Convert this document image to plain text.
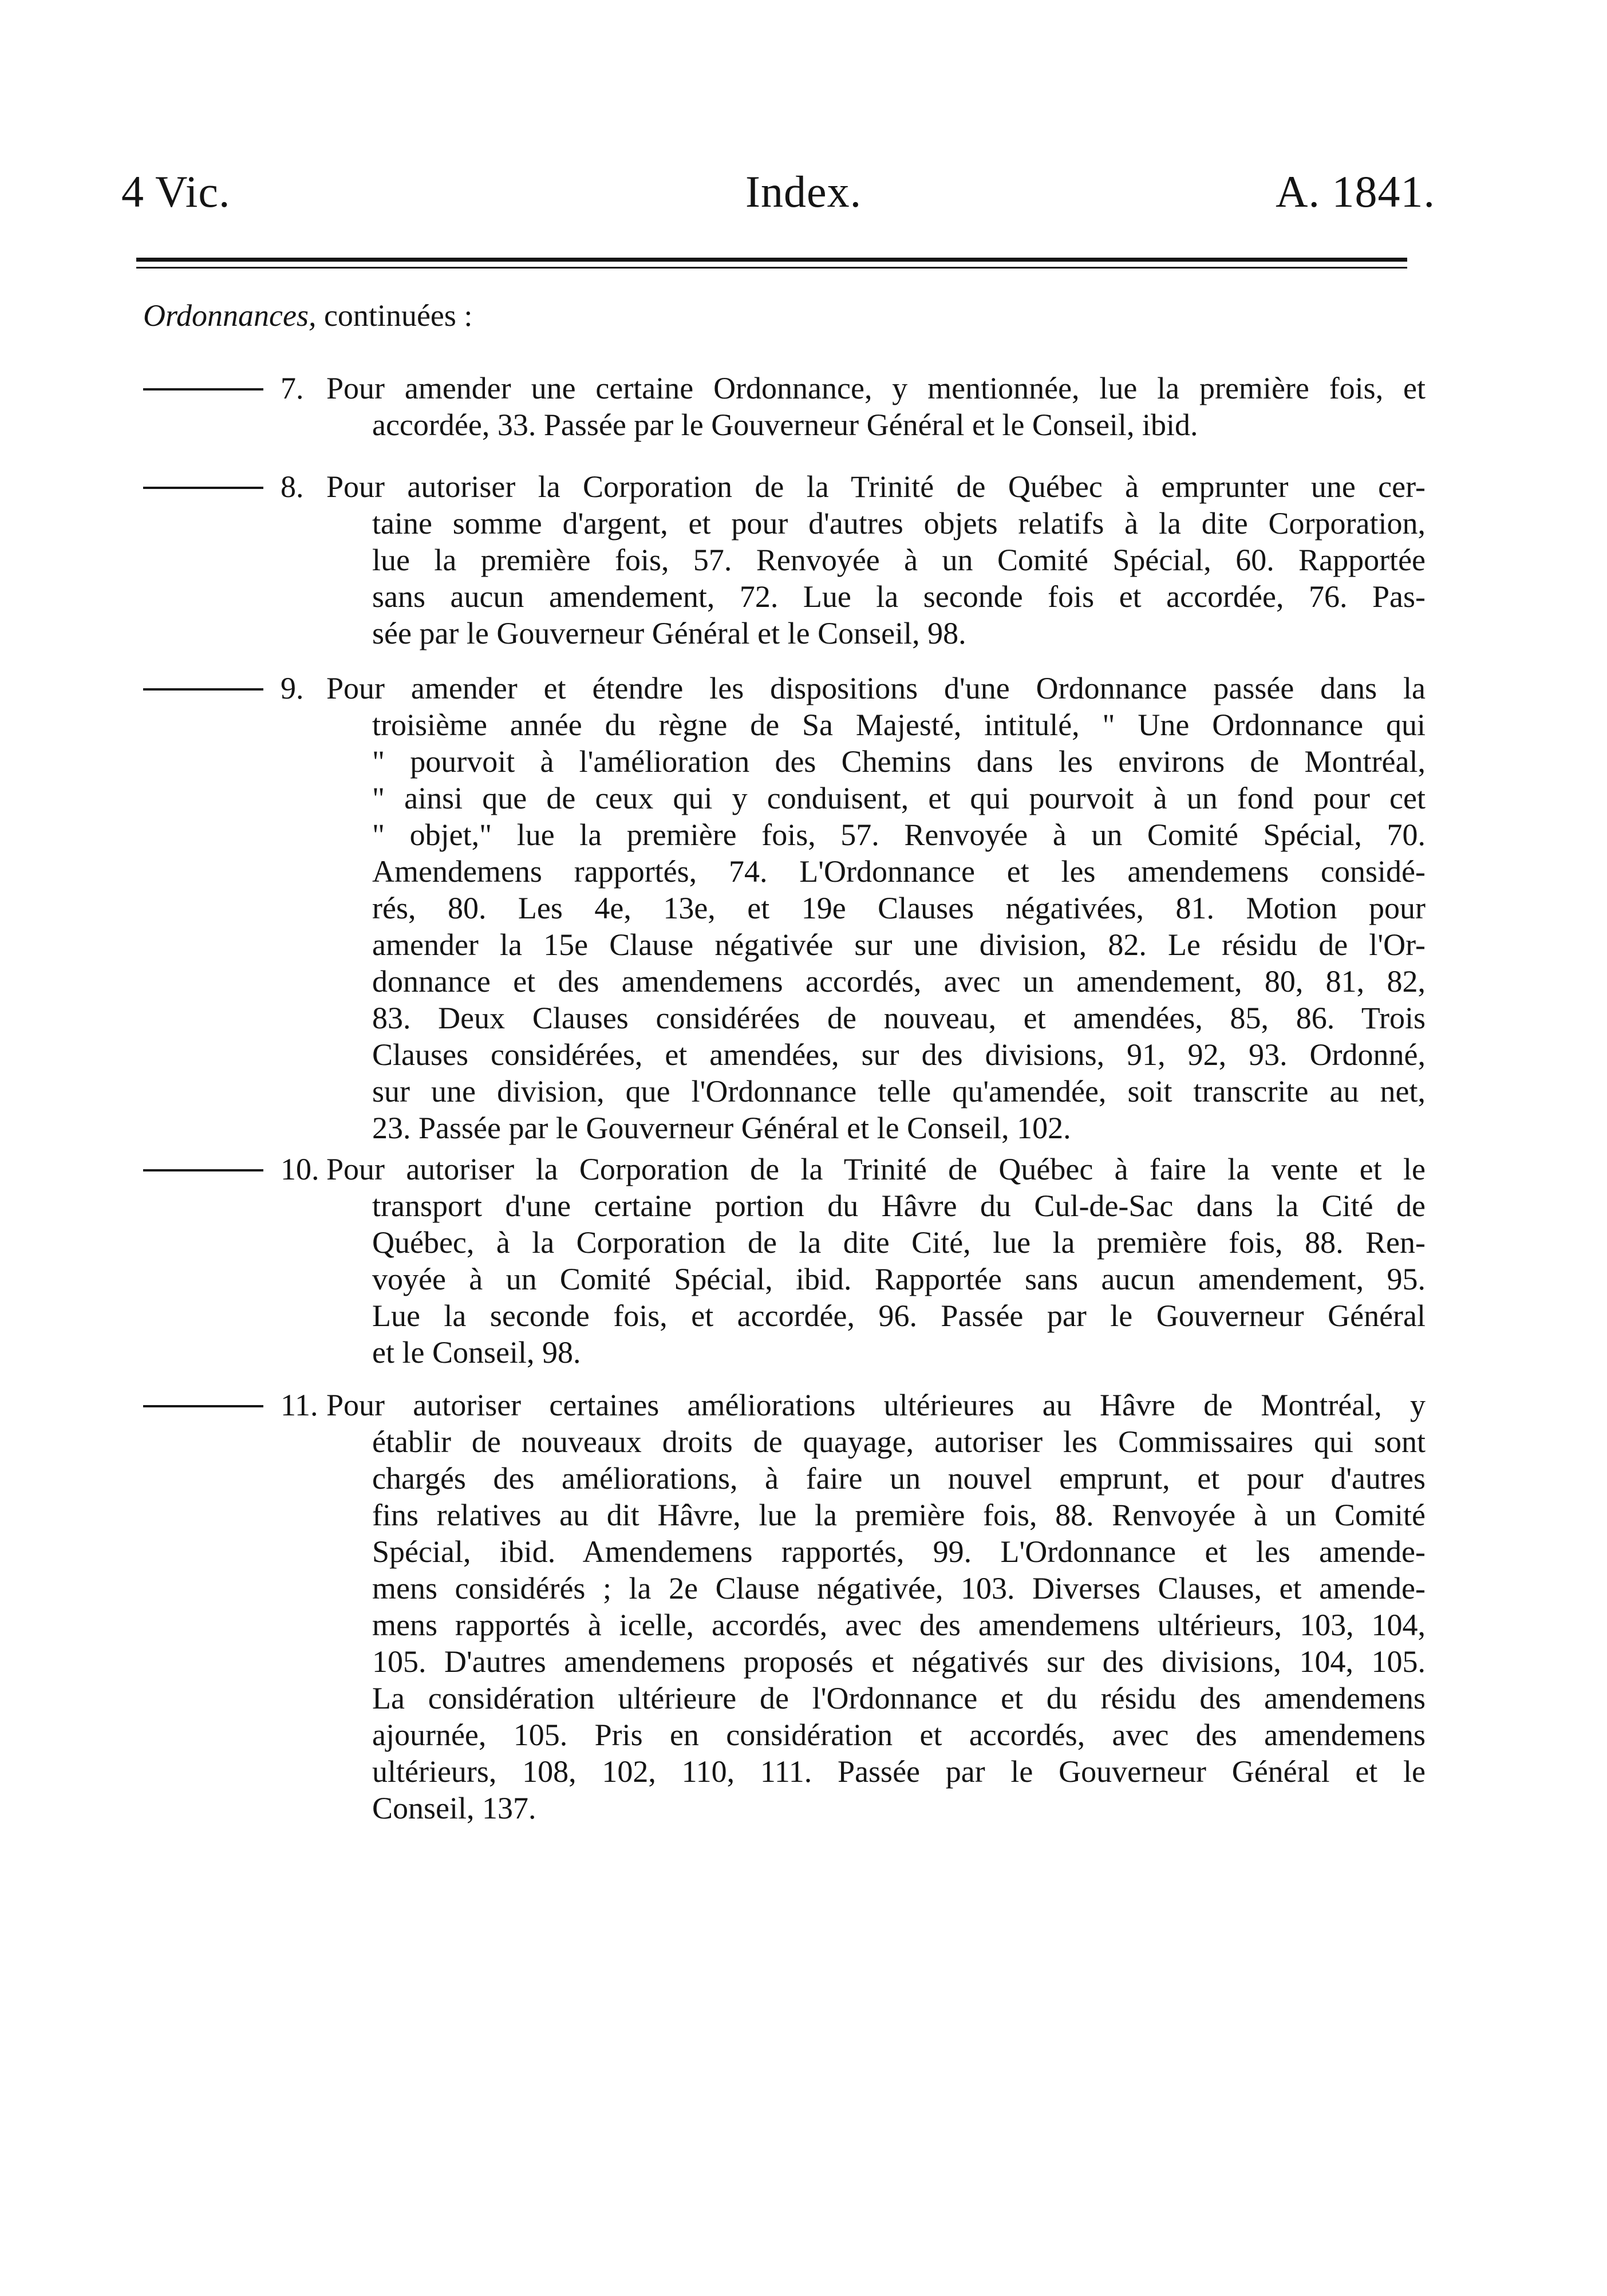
4 Vic.	Index.	A. 1841.
Ordonnances, continuées :
7. Pour amender une certaine Ordonnance, y mentionnée, lue la première fois, et
accordée, 33. Passée par le Gouverneur Général et le Conseil, ibid.
8. Pour autoriser la Corporation de la Trinité de Québec à emprunter une cer-
taine somme d'argent, et pour d'autres objets relatifs à la dite Corporation,
lue la première fois, 57. Renvoyée à un Comité Spécial, 60. Rapportée
sans aucun amendement, 72. Lue la seconde fois et accordée, 76. Pas-
sée par le Gouverneur Général et le Conseil, 98.
9. Pour amender et étendre les dispositions d'une Ordonnance passée dans la
troisième année du règne de Sa Majesté, intitulé, " Une Ordonnance qui
" pourvoit à l'amélioration des Chemins dans les environs de Montréal,
" ainsi que de ceux qui y conduisent, et qui pourvoit à un fond pour cet
" objet," lue la première fois, 57. Renvoyée à un Comité Spécial, 70.
Amendemens rapportés, 74. L'Ordonnance et les amendemens considé-
rés, 80. Les 4e, 13e, et 19e Clauses négativées, 81. Motion pour
amender la 15e Clause négativée sur une division, 82. Le résidu de l'Or-
donnance et des amendemens accordés, avec un amendement, 80, 81, 82,
83. Deux Clauses considérées de nouveau, et amendées, 85, 86. Trois
Clauses considérées, et amendées, sur des divisions, 91, 92, 93. Ordonné,
sur une division, que l'Ordonnance telle qu'amendée, soit transcrite au net,
23. Passée par le Gouverneur Général et le Conseil, 102.
10. Pour autoriser la Corporation de la Trinité de Québec à faire la vente et le
transport d'une certaine portion du Hâvre du Cul-de-Sac dans la Cité de
Québec, à la Corporation de la dite Cité, lue la première fois, 88. Ren-
voyée à un Comité Spécial, ibid. Rapportée sans aucun amendement, 95.
Lue la seconde fois, et accordée, 96. Passée par le Gouverneur Général
et le Conseil, 98.
11. Pour autoriser certaines améliorations ultérieures au Hâvre de Montréal, y
établir de nouveaux droits de quayage, autoriser les Commissaires qui sont
chargés des améliorations, à faire un nouvel emprunt, et pour d'autres
fins relatives au dit Hâvre, lue la première fois, 88. Renvoyée à un Comité
Spécial, ibid. Amendemens rapportés, 99. L'Ordonnance et les amende-
mens considérés ; la 2e Clause négativée, 103. Diverses Clauses, et amende-
mens rapportés à icelle, accordés, avec des amendemens ultérieurs, 103, 104,
105. D'autres amendemens proposés et négativés sur des divisions, 104, 105.
La considération ultérieure de l'Ordonnance et du résidu des amendemens
ajournée, 105. Pris en considération et accordés, avec des amendemens
ultérieurs, 108, 102, 110, 111. Passée par le Gouverneur Général et le
Conseil, 137.
